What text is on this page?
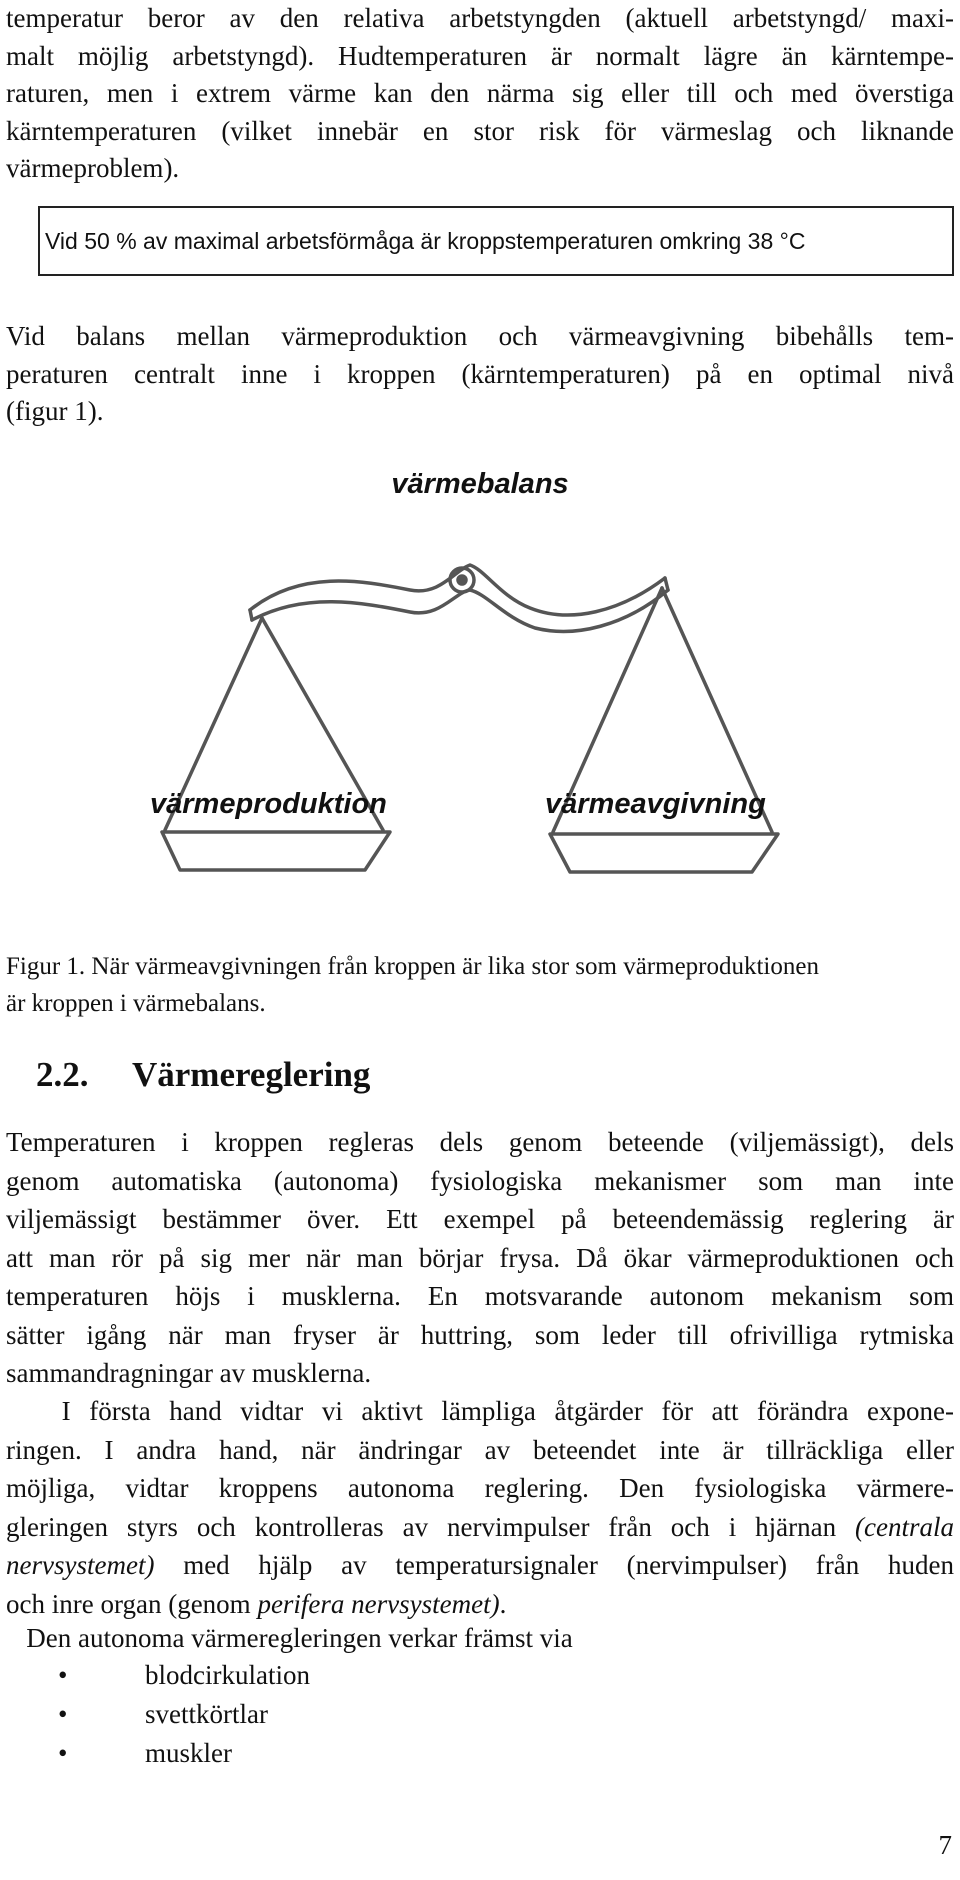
temperatur beror av den relativa arbetstyngden (aktuell arbetstyngd/ maxi-
malt möjlig arbetstyngd). Hudtemperaturen är normalt lägre än kärntempe-
raturen, men i extrem värme kan den närma sig eller till och med överstiga
kärntemperaturen (vilket innebär en stor risk för värmeslag och liknande
värmeproblem).

Vid 50 % av maximal arbetsförmåga är kroppstemperaturen omkring 38 °C

Vid balans mellan värmeproduktion och värmeavgivning bibehålls tem-
peraturen centralt inne i kroppen (kärntemperaturen) på en optimal nivå
(figur 1).

värmebalans
värmeproduktion	värmeavgivning
Figur 1. När värmeavgivningen från kroppen är lika stor som värmeproduktionen
är kroppen i värmebalans.
2.2. Värmereglering

Temperaturen i kroppen regleras dels genom beteende (viljemässigt), dels
genom automatiska (autonoma) fysiologiska mekanismer som man inte
viljemässigt bestämmer över. Ett exempel på beteendemässig reglering är
att man rör på sig mer när man börjar frysa. Då ökar värmeproduktionen och
temperaturen höjs i musklerna. En motsvarande autonom mekanism som
sätter igång när man fryser är huttring, som leder till ofrivilliga rytmiska
sammandragningar av musklerna.

I första hand vidtar vi aktivt lämpliga åtgärder för att förändra expone-
ringen. I andra hand, när ändringar av beteendet inte är tillräckliga eller
möjliga, vidtar kroppens autonoma reglering. Den fysiologiska värmere-
gleringen styrs och kontrolleras av nervimpulser från och i hjärnan (centrala
nervsystemet) med hjälp av temperatursignaler (nervimpulser) från huden
och inre organ (genom perifera nervsystemet).

Den autonoma värmeregleringen verkar främst via

•	blodcirkulation
•	svettkörtlar
•	muskler
7
